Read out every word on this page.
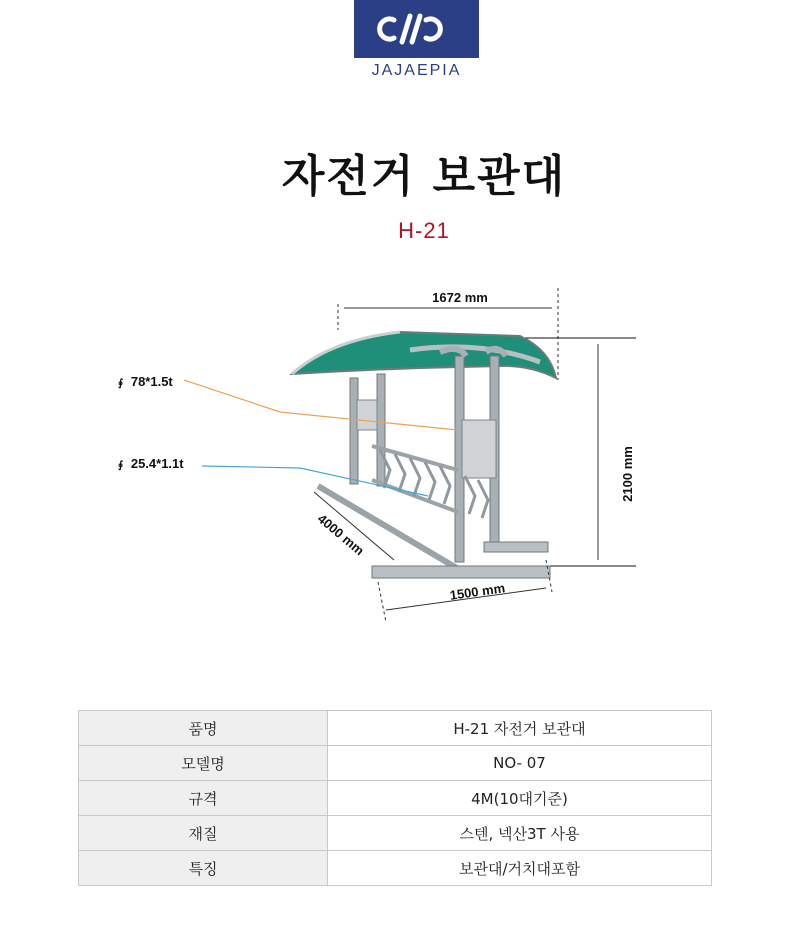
JAJAEPIA
자전거 보관대
H-21
1672 mm
2100 mm
4000 mm
1500 mm
∮ 78*1.5t
∮ 25.4*1.1t
품명	H-21 자전거 보관대
모델명	NO- 07
규격	4M(10대기준)
재질	스텐, 넥산3T 사용
특징	보관대/거치대포함
